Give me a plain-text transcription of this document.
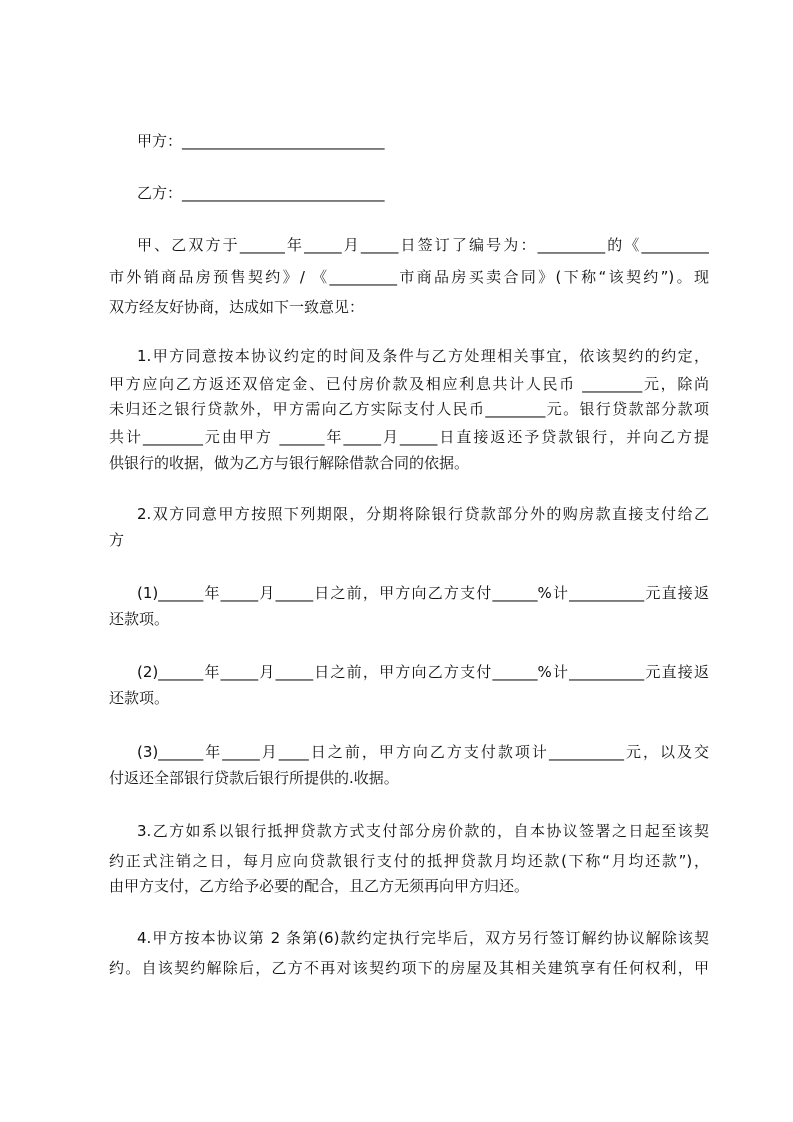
甲方：___________________________
乙方：___________________________
甲、乙双方于______年_____月_____日签订了编号为：_________的《_________
市外销商品房预售契约》/ 《_________市商品房买卖合同》(下称“该契约”)。现
双方经友好协商，达成如下一致意见：
1.甲方同意按本协议约定的时间及条件与乙方处理相关事宜，依该契约的约定，
甲方应向乙方返还双倍定金、已付房价款及相应利息共计人民币 ________元，除尚
未归还之银行贷款外，甲方需向乙方实际支付人民币________元。银行贷款部分款项
共计________元由甲方 ______年_____月_____日直接返还予贷款银行，并向乙方提
供银行的收据，做为乙方与银行解除借款合同的依据。
2.双方同意甲方按照下列期限，分期将除银行贷款部分外的购房款直接支付给乙
方
(1)______年_____月_____日之前，甲方向乙方支付______%计__________元直接返
还款项。
(2)______年_____月_____日之前，甲方向乙方支付______%计__________元直接返
还款项。
(3)______年_____月____日之前，甲方向乙方支付款项计__________元，以及交
付返还全部银行贷款后银行所提供的.收据。
3.乙方如系以银行抵押贷款方式支付部分房价款的，自本协议签署之日起至该契
约正式注销之日，每月应向贷款银行支付的抵押贷款月均还款(下称“月均还款”)，
由甲方支付，乙方给予必要的配合，且乙方无须再向甲方归还。
4.甲方按本协议第 2 条第(6)款约定执行完毕后，双方另行签订解约协议解除该契
约。自该契约解除后，乙方不再对该契约项下的房屋及其相关建筑享有任何权利，甲
